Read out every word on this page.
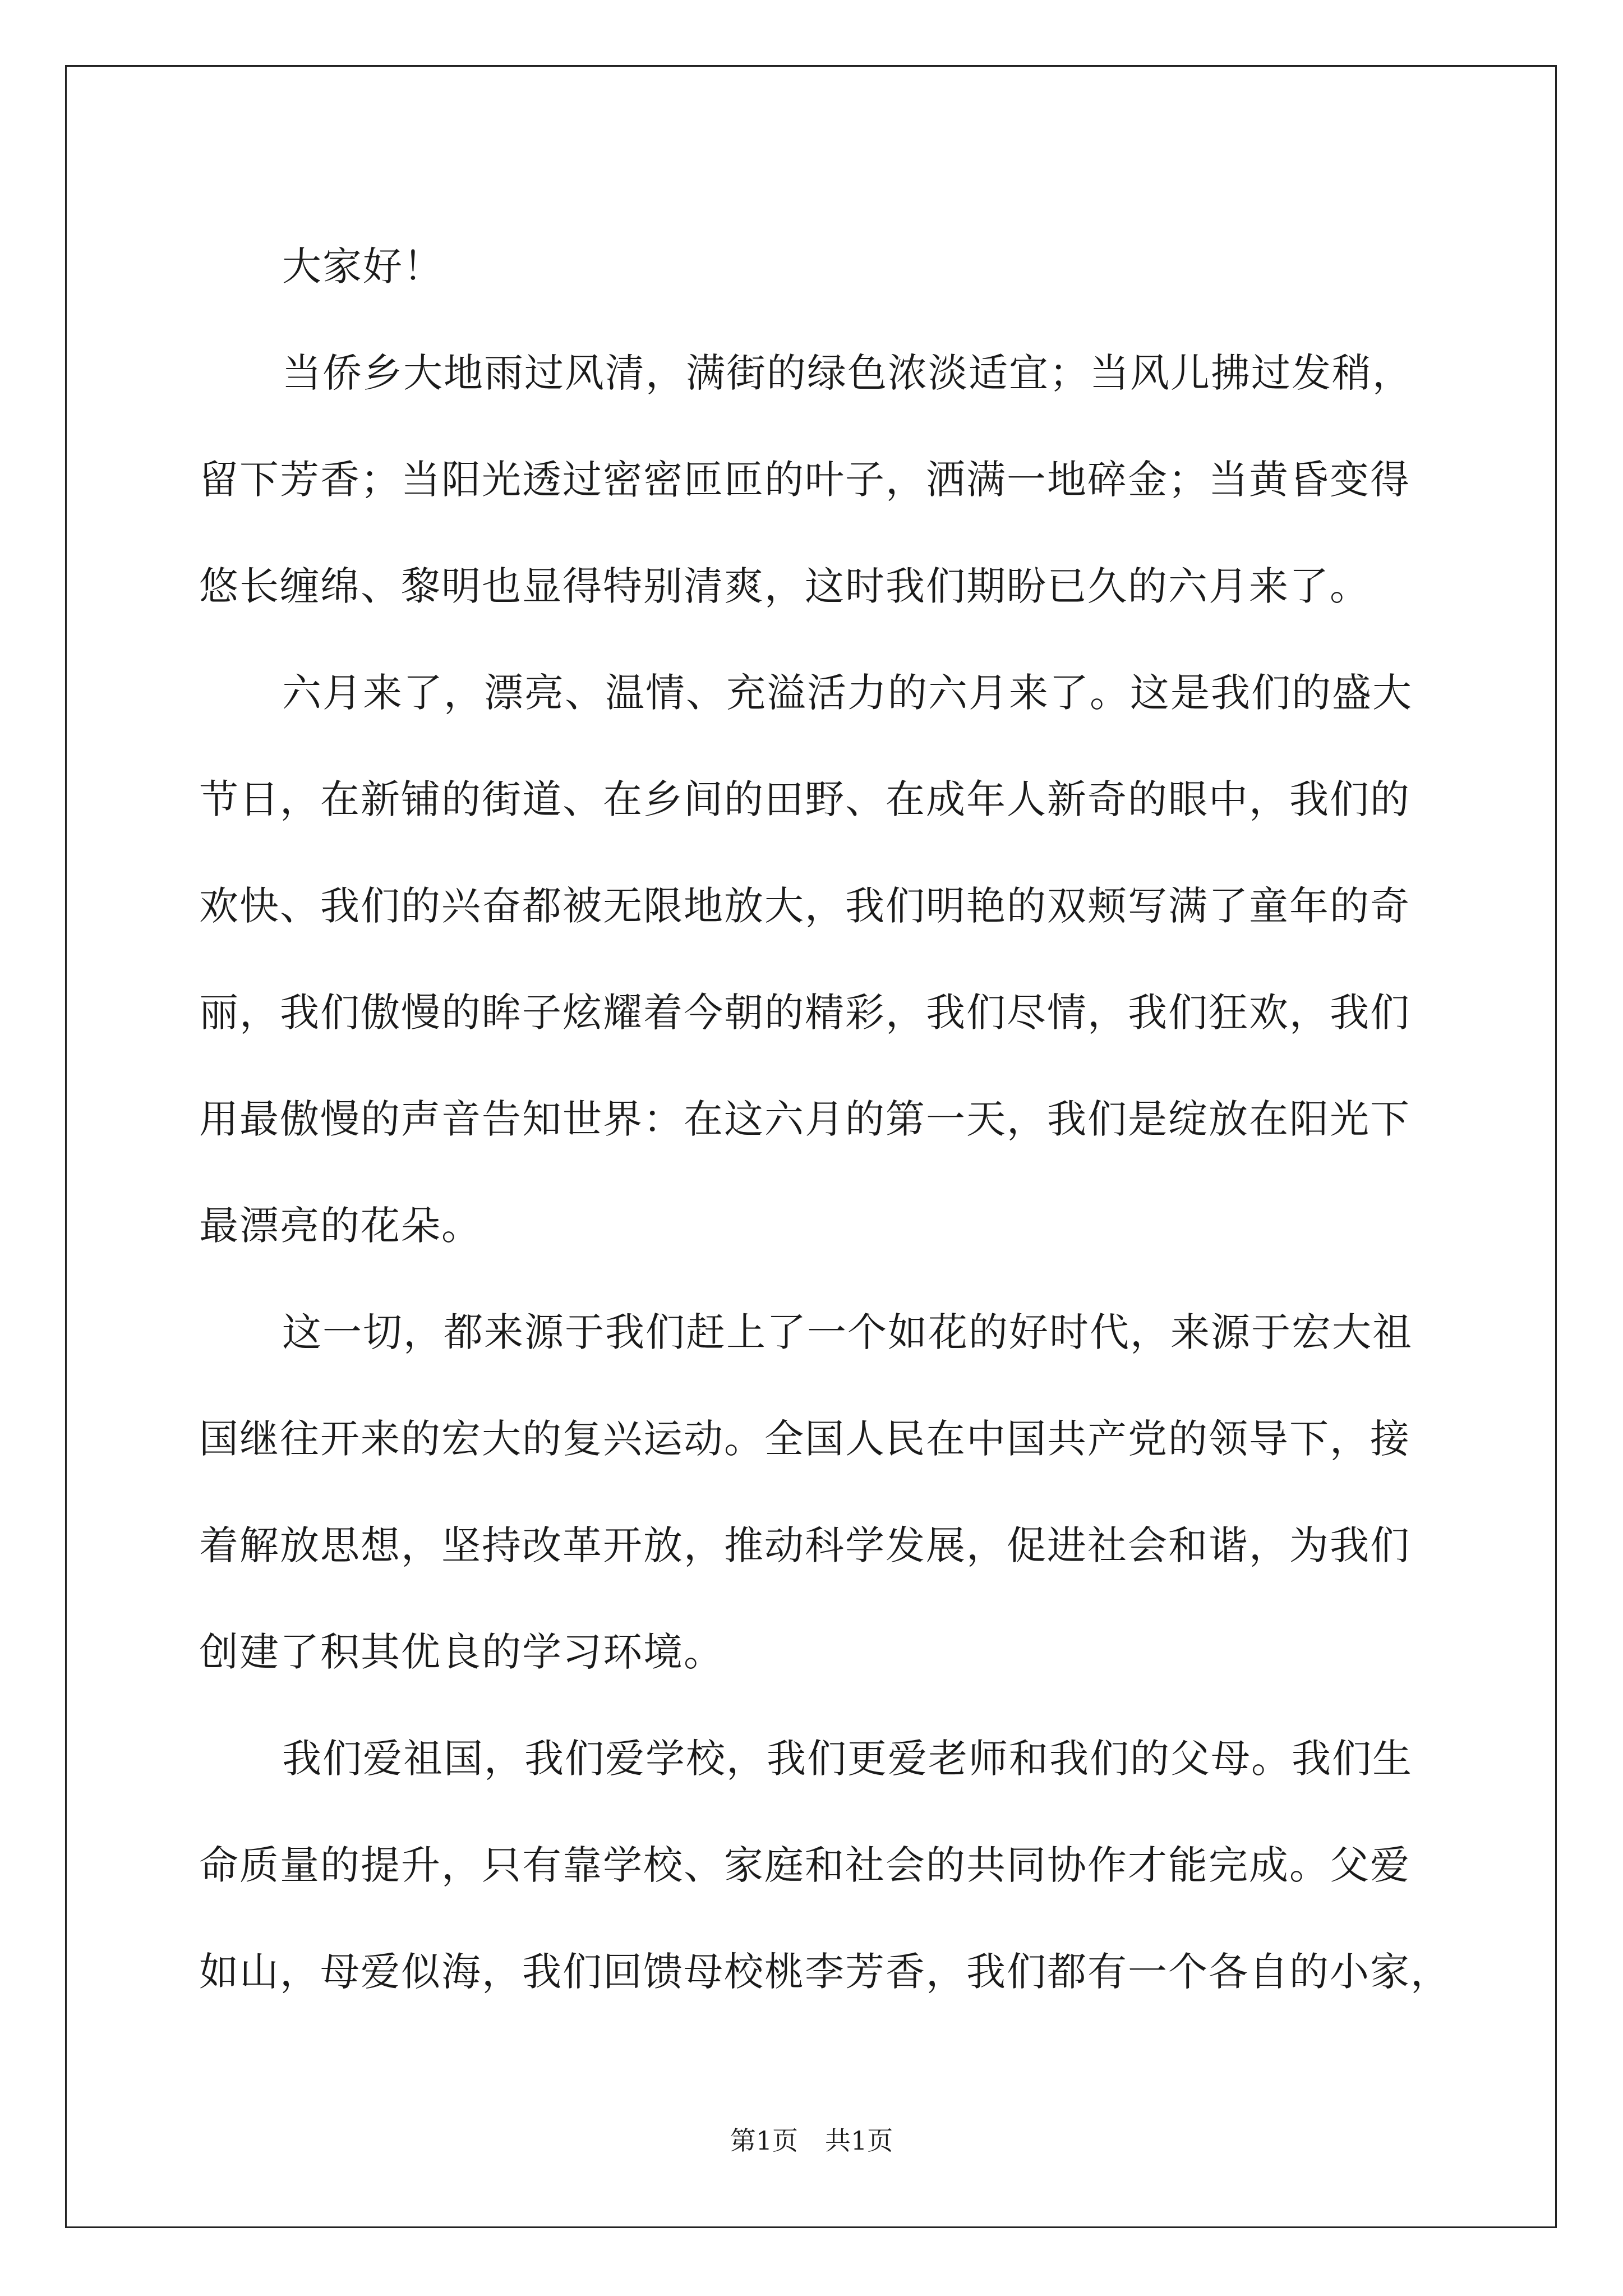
大家好！
当侨乡大地雨过风清，满街的绿色浓淡适宜；当风儿拂过发稍，
留下芳香；当阳光透过密密匝匝的叶子，洒满一地碎金；当黄昏变得
悠长缠绵、黎明也显得特别清爽，这时我们期盼已久的六月来了。
六月来了，漂亮、温情、充溢活力的六月来了。这是我们的盛大
节日，在新铺的街道、在乡间的田野、在成年人新奇的眼中，我们的
欢快、我们的兴奋都被无限地放大，我们明艳的双颊写满了童年的奇
丽，我们傲慢的眸子炫耀着今朝的精彩，我们尽情，我们狂欢，我们
用最傲慢的声音告知世界：在这六月的第一天，我们是绽放在阳光下
最漂亮的花朵。
这一切，都来源于我们赶上了一个如花的好时代，来源于宏大祖
国继往开来的宏大的复兴运动。全国人民在中国共产党的领导下，接
着解放思想，坚持改革开放，推动科学发展，促进社会和谐，为我们
创建了积其优良的学习环境。
我们爱祖国，我们爱学校，我们更爱老师和我们的父母。我们生
命质量的提升，只有靠学校、家庭和社会的共同协作才能完成。父爱
如山，母爱似海，我们回馈母校桃李芳香，我们都有一个各自的小家，
第1页 共1页
